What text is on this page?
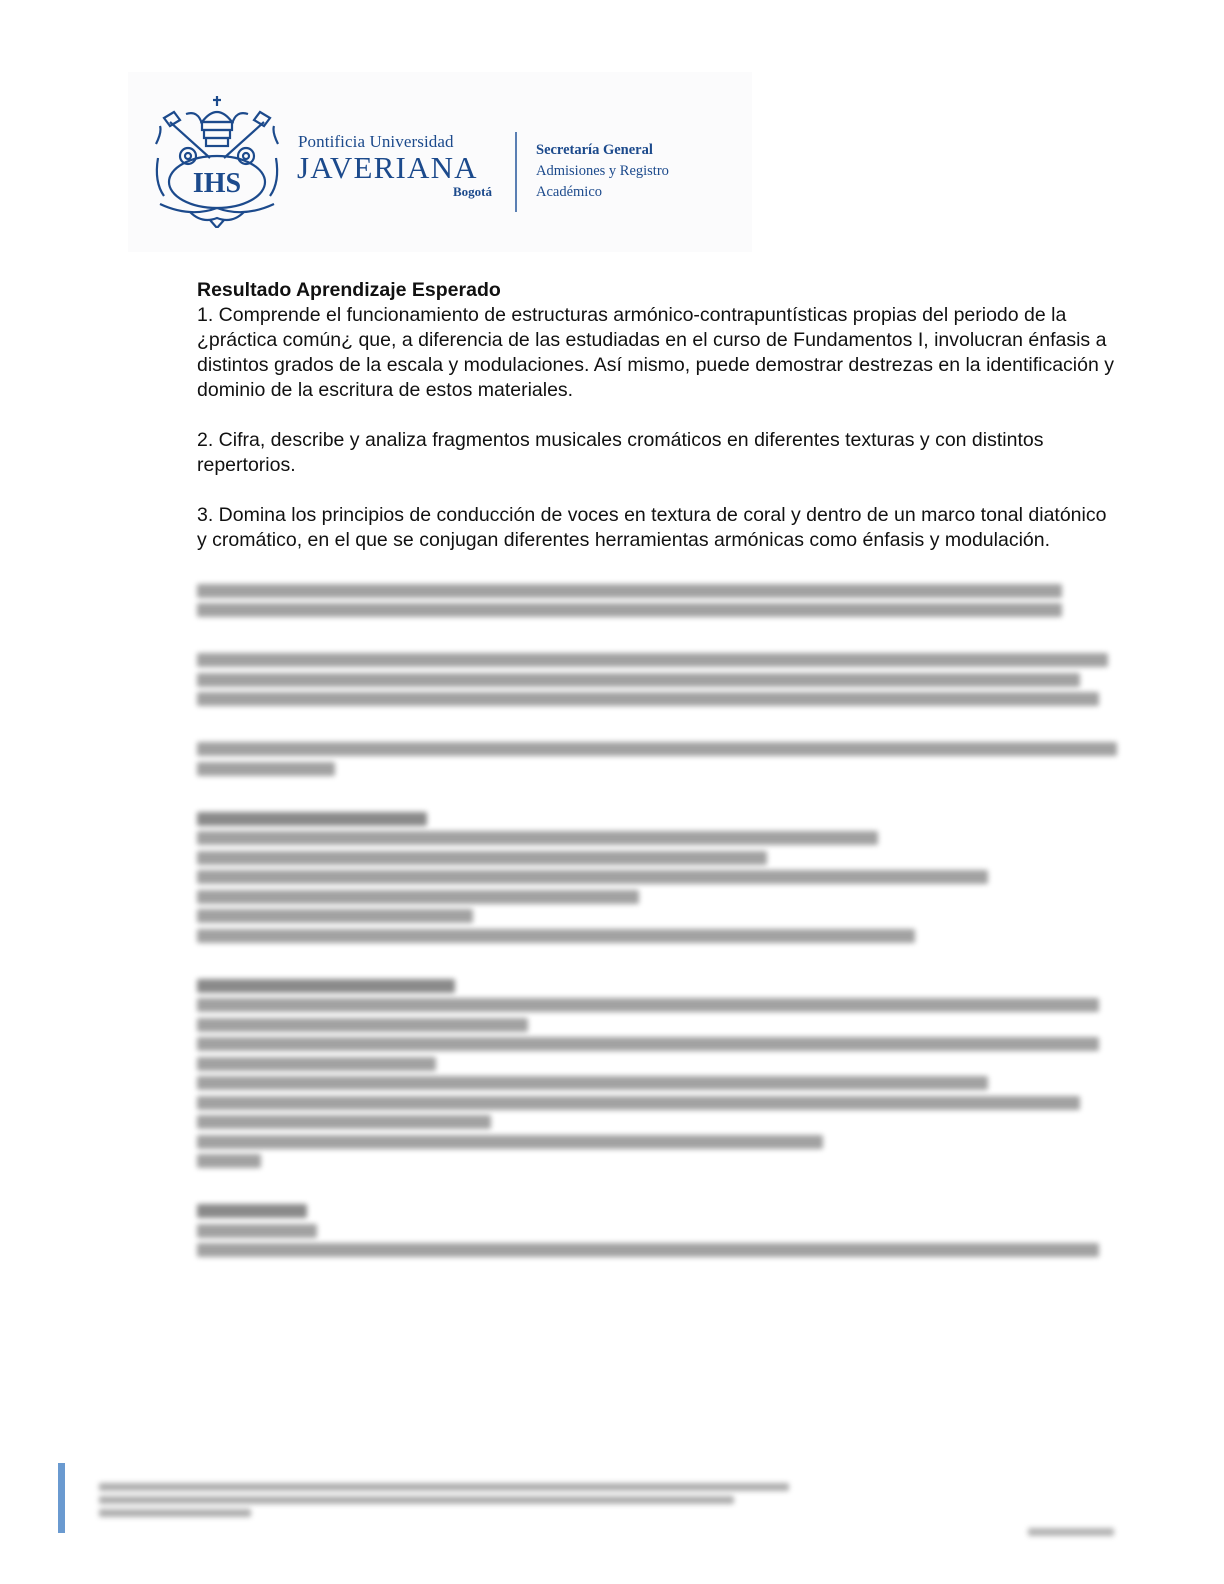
IHS
Pontificia Universidad
JAVERIANA
Bogotá
Secretaría General
Admisiones y Registro
Académico
Resultado Aprendizaje Esperado

1. Comprende el funcionamiento de estructuras armónico-contrapuntísticas propias del periodo de la ¿práctica común¿ que, a diferencia de las estudiadas en el curso de Fundamentos I, involucran énfasis a distintos grados de la escala y modulaciones. Así mismo, puede demostrar destrezas en la identificación y dominio de la escritura de estos materiales.

2. Cifra, describe y analiza fragmentos musicales cromáticos en diferentes texturas y con distintos repertorios.

3. Domina los principios de conducción de voces en textura de coral y dentro de un marco tonal diatónico y cromático, en el que se conjugan diferentes herramientas armónicas como énfasis y modulación.
